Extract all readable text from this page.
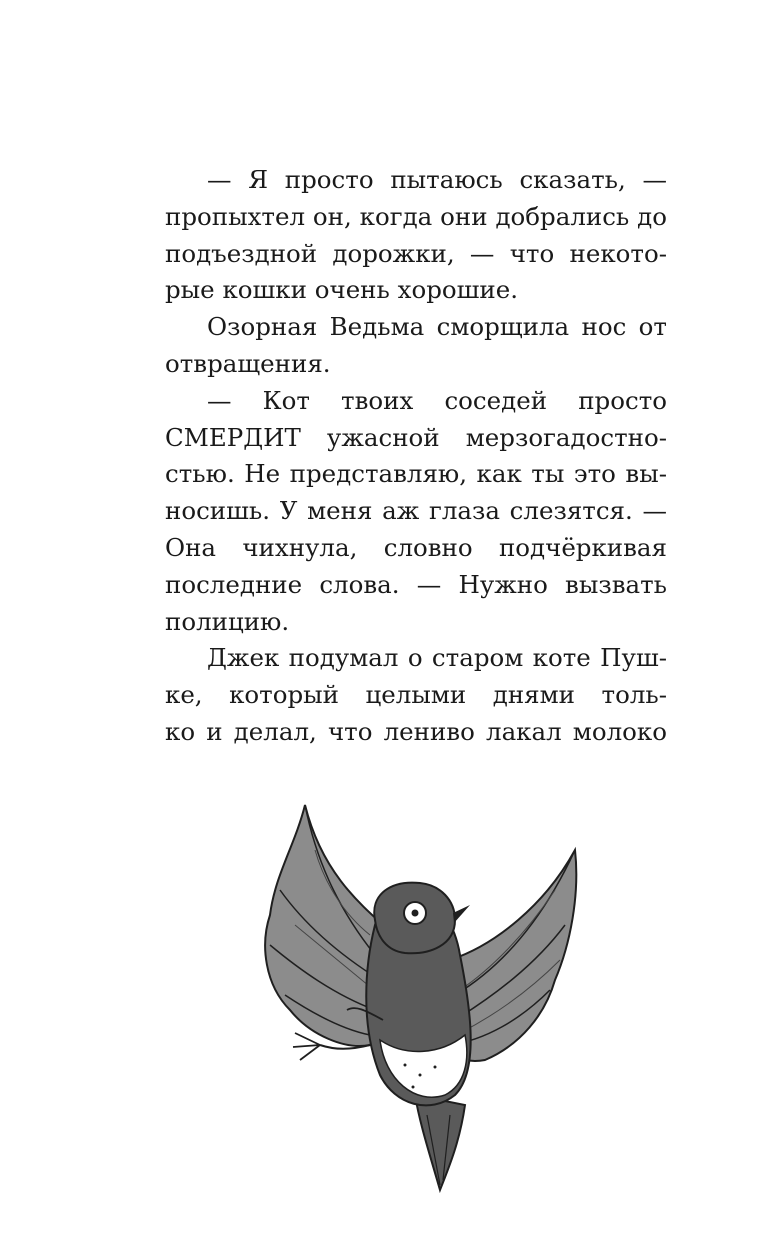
— Я просто пытаюсь сказать, —
пропыхтел он, когда они добрались до
подъездной дорожки, — что некото-
рые кошки очень хорошие.
Озорная Ведьма сморщила нос от
отвращения.
— Кот твоих соседей просто
СМЕРДИТ ужасной мерзогадостно-
стью. Не представляю, как ты это вы-
носишь. У меня аж глаза слезятся. —
Она чихнула, словно подчёркивая
последние слова. — Нужно вызвать
полицию.
Джек подумал о старом коте Пуш-
ке, который целыми днями толь-
ко и делал, что лениво лакал молоко
